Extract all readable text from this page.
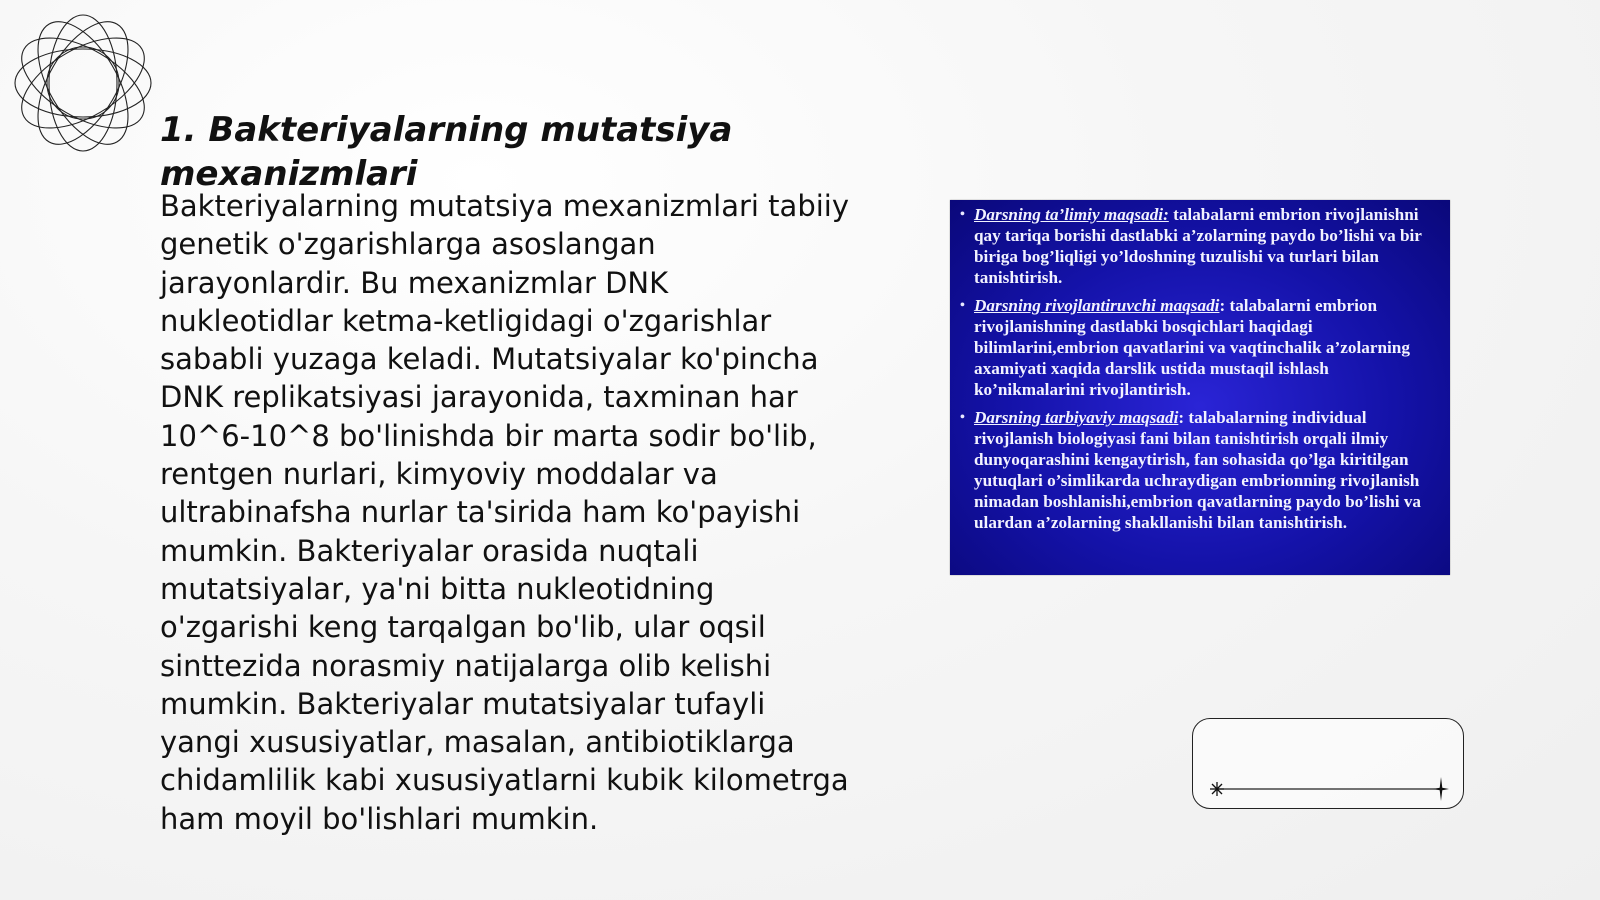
1. Bakteriyalarning mutatsiya mexanizmlari

Bakteriyalarning mutatsiya mexanizmlari tabiiy genetik o'zgarishlarga asoslangan jarayonlardir. Bu mexanizmlar DNK nukleotidlar ketma-ketligidagi o'zgarishlar sababli yuzaga keladi. Mutatsiyalar ko'pincha DNK replikatsiyasi jarayonida, taxminan har 10^6-10^8 bo'linishda bir marta sodir bo'lib, rentgen nurlari, kimyoviy moddalar va ultrabinafsha nurlar ta'sirida ham ko'payishi mumkin. Bakteriyalar orasida nuqtali mutatsiyalar, ya'ni bitta nukleotidning o'zgarishi keng tarqalgan bo'lib, ular oqsil sinttezida norasmiy natijalarga olib kelishi mumkin. Bakteriyalar mutatsiyalar tufayli yangi xususiyatlar, masalan, antibiotiklarga chidamlilik kabi xususiyatlarni kubik kilometrga ham moyil bo'lishlari mumkin.

• Darsning ta’limiy maqsadi: talabalarni embrion rivojlanishni qay tariqa borishi dastlabki a’zolarning paydo bo’lishi va bir biriga bog’liqligi yo’ldoshning tuzulishi va turlari bilan tanishtirish.
• Darsning rivojlantiruvchi maqsadi: talabalarni embrion rivojlanishning dastlabki bosqichlari haqidagi bilimlarini,embrion qavatlarini va vaqtinchalik a’zolarning axamiyati xaqida darslik ustida mustaqil ishlash ko’nikmalarini rivojlantirish.
• Darsning tarbiyaviy maqsadi: talabalarning individual rivojlanish biologiyasi fani bilan tanishtirish orqali ilmiy dunyoqarashini kengaytirish, fan sohasida qo’lga kiritilgan yutuqlari o’simlikarda uchraydigan embrionning rivojlanish nimadan boshlanishi,embrion qavatlarning paydo bo’lishi va ulardan a’zolarning shakllanishi bilan tanishtirish.
